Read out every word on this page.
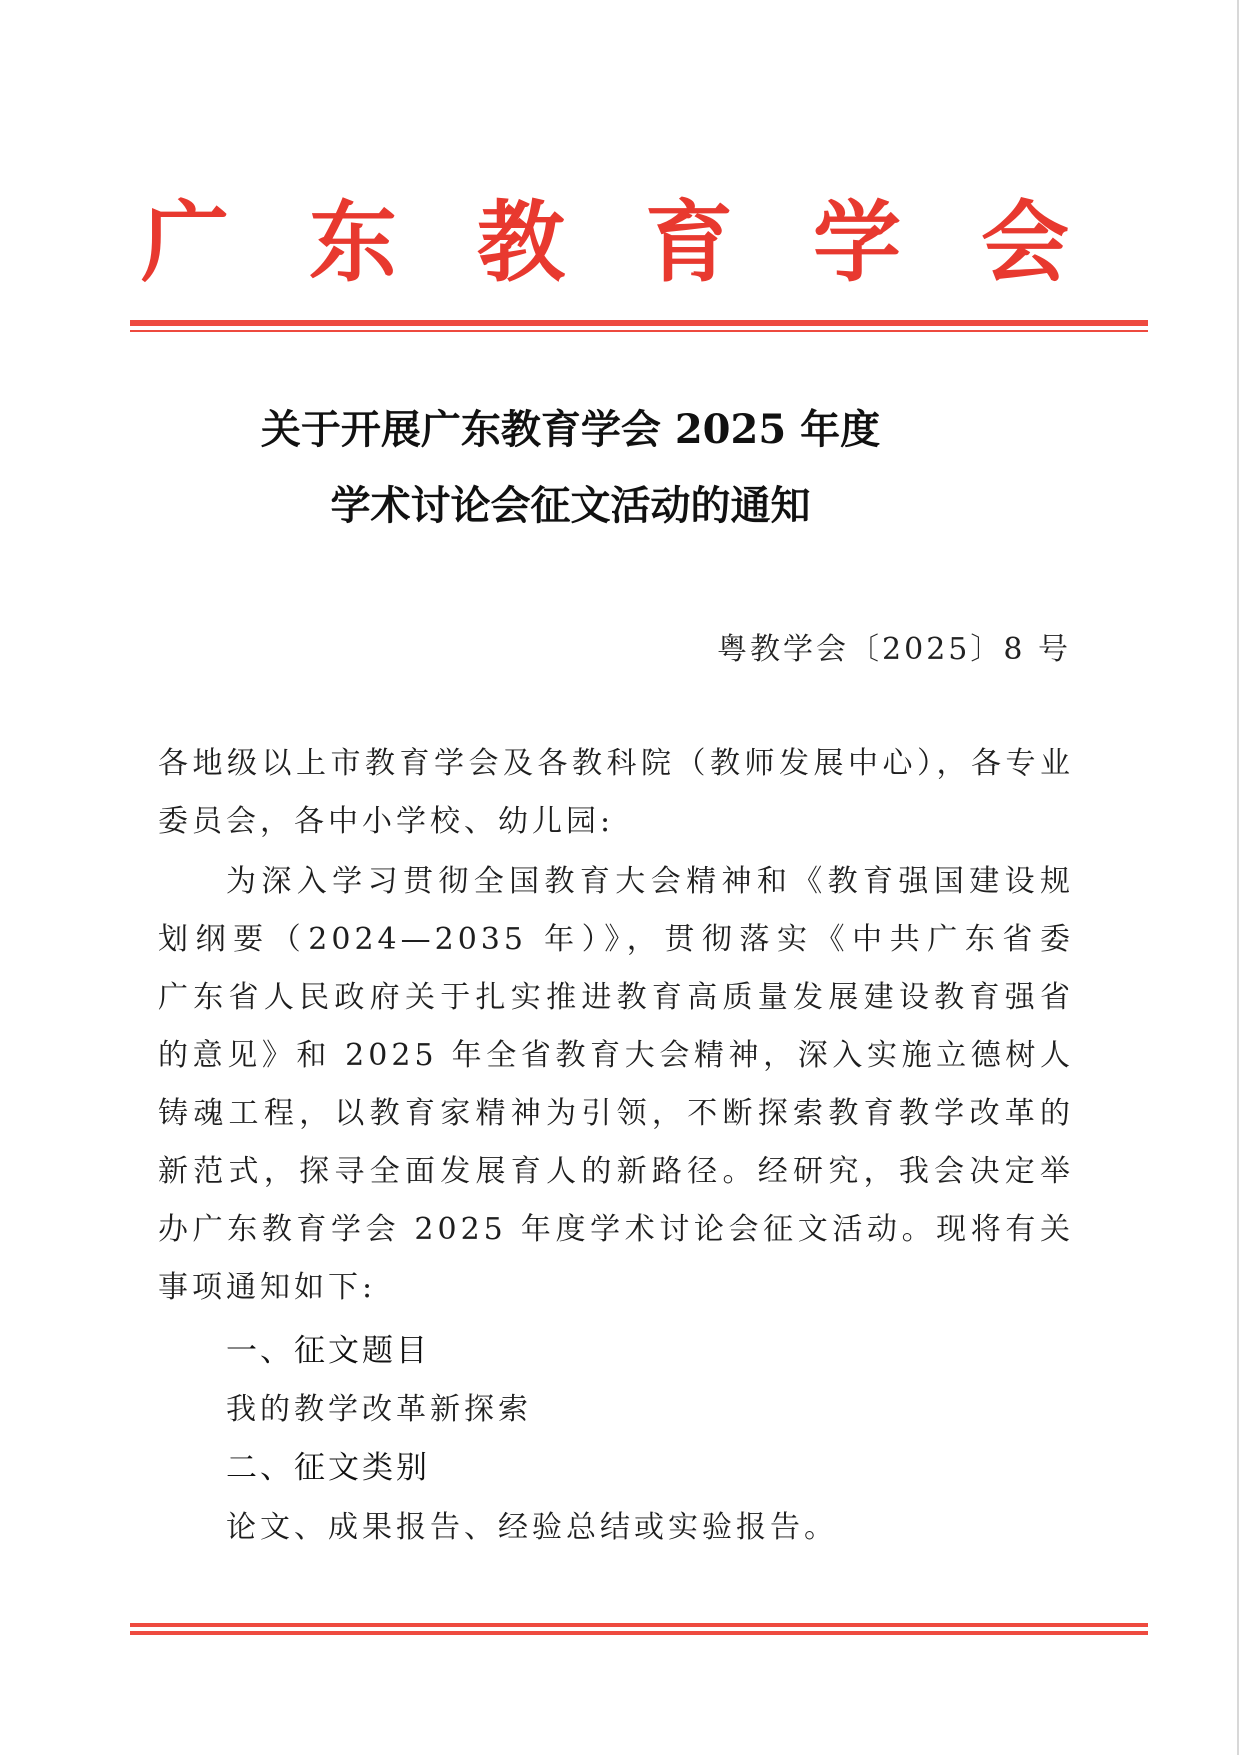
广 东 教 育 学 会
关于开展广东教育学会 2025 年度
学术讨论会征文活动的通知
粤教学会〔2025〕8 号
各地级以上市教育学会及各教科院（教师发展中心），各专业委员会，各中小学校、幼儿园:
为深入学习贯彻全国教育大会精神和《教育强国建设规划纲要（2024—2035 年）》，贯彻落实《中共广东省委　广东省人民政府关于扎实推进教育高质量发展建设教育强省的意见》和 2025 年全省教育大会精神，深入实施立德树人铸魂工程，以教育家精神为引领，不断探索教育教学改革的新范式，探寻全面发展育人的新路径。经研究，我会决定举办广东教育学会 2025 年度学术讨论会征文活动。现将有关事项通知如下:
一、征文题目
我的教学改革新探索
二、征文类别
论文、成果报告、经验总结或实验报告。
